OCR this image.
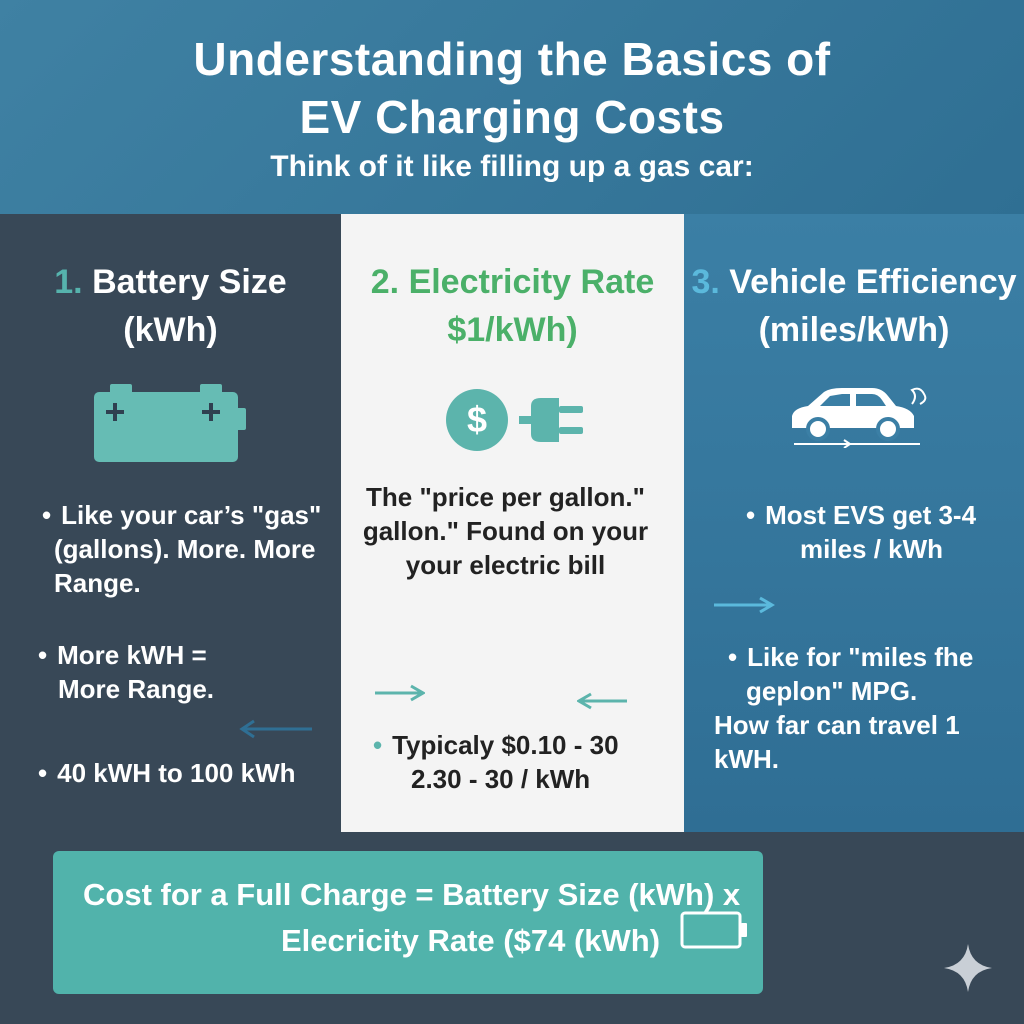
Understanding the Basics of
EV Charging Costs
Think of it like filling up a gas car:
1. Battery Size
(kWh)
• Like your car’s "gas"
(gallons). More. More
Range.
• More kWH =
More Range.
• 40 kWH to 100 kWh
2. Electricity Rate
$1/kWh)
$
The "price per gallon."
gallon." Found on your
your electric bill
• Typicaly $0.10 - 30
2.30 - 30 / kWh
3. Vehicle Efficiency
(miles/kWh)
• Most EVS get 3-4
miles / kWh
• Like for "miles fhe
geplon" MPG.
How far can travel 1 kWH.
Cost for a Full Charge = Battery Size (kWh) x
Elecricity Rate ($74 (kWh)
